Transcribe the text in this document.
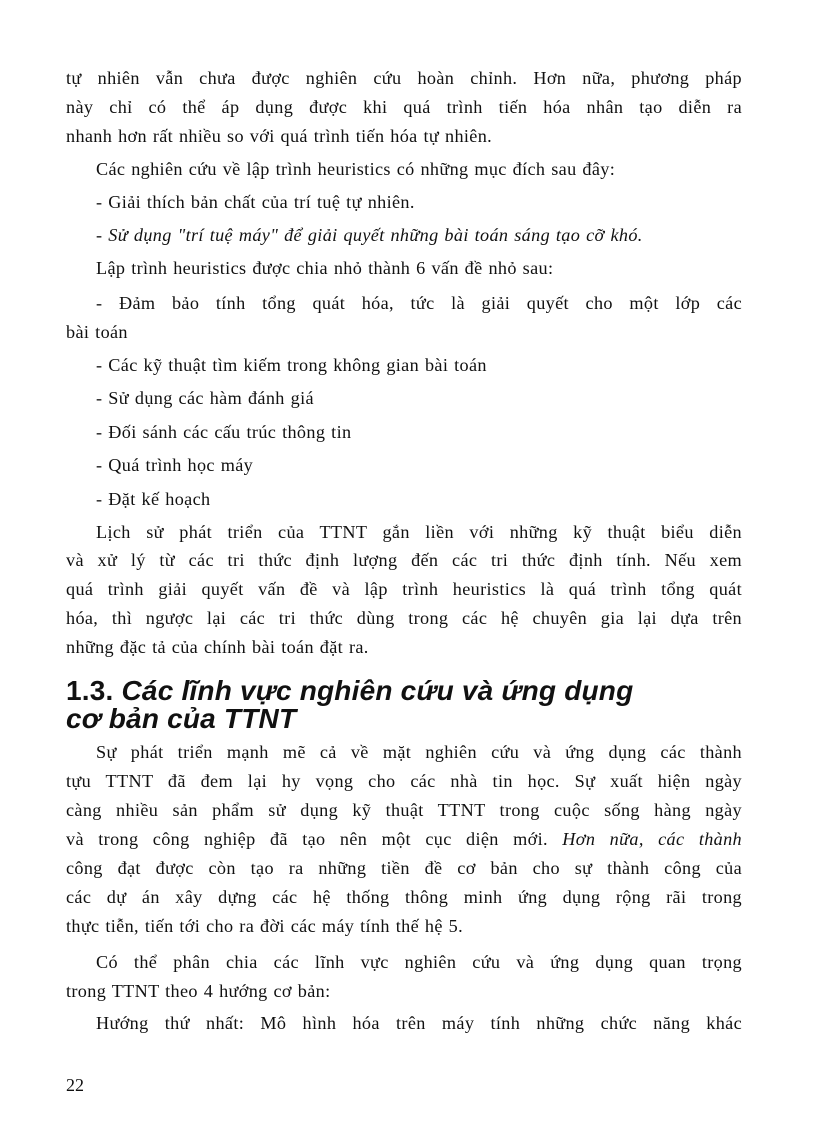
tự nhiên vẫn chưa được nghiên cứu hoàn chỉnh. Hơn nữa, phương pháp
này chỉ có thể áp dụng được khi quá trình tiến hóa nhân tạo diễn ra
nhanh hơn rất nhiều so với quá trình tiến hóa tự nhiên.
Các nghiên cứu về lập trình heuristics có những mục đích sau đây:
- Giải thích bản chất của trí tuệ tự nhiên.
- Sử dụng "trí tuệ máy" để giải quyết những bài toán sáng tạo cỡ khó.
Lập trình heuristics được chia nhỏ thành 6 vấn đề nhỏ sau:
- Đảm bảo tính tổng quát hóa, tức là giải quyết cho một lớp các
bài toán
- Các kỹ thuật tìm kiếm trong không gian bài toán
- Sử dụng các hàm đánh giá
- Đối sánh các cấu trúc thông tin
- Quá trình học máy
- Đặt kế hoạch
Lịch sử phát triển của TTNT gắn liền với những kỹ thuật biểu diễn
và xử lý từ các tri thức định lượng đến các tri thức định tính. Nếu xem
quá trình giải quyết vấn đề và lập trình heuristics là quá trình tổng quát
hóa, thì ngược lại các tri thức dùng trong các hệ chuyên gia lại dựa trên
những đặc tả của chính bài toán đặt ra.
1.3. Các lĩnh vực nghiên cứu và ứng dụng
cơ bản của TTNT
Sự phát triển mạnh mẽ cả về mặt nghiên cứu và ứng dụng các thành
tựu TTNT đã đem lại hy vọng cho các nhà tin học. Sự xuất hiện ngày
càng nhiều sản phẩm sử dụng kỹ thuật TTNT trong cuộc sống hàng ngày
và trong công nghiệp đã tạo nên một cục diện mới. Hơn nữa, các thành
công đạt được còn tạo ra những tiền đề cơ bản cho sự thành công của
các dự án xây dựng các hệ thống thông minh ứng dụng rộng rãi trong
thực tiễn, tiến tới cho ra đời các máy tính thế hệ 5.
Có thể phân chia các lĩnh vực nghiên cứu và ứng dụng quan trọng
trong TTNT theo 4 hướng cơ bản:
Hướng thứ nhất: Mô hình hóa trên máy tính những chức năng khác
22
